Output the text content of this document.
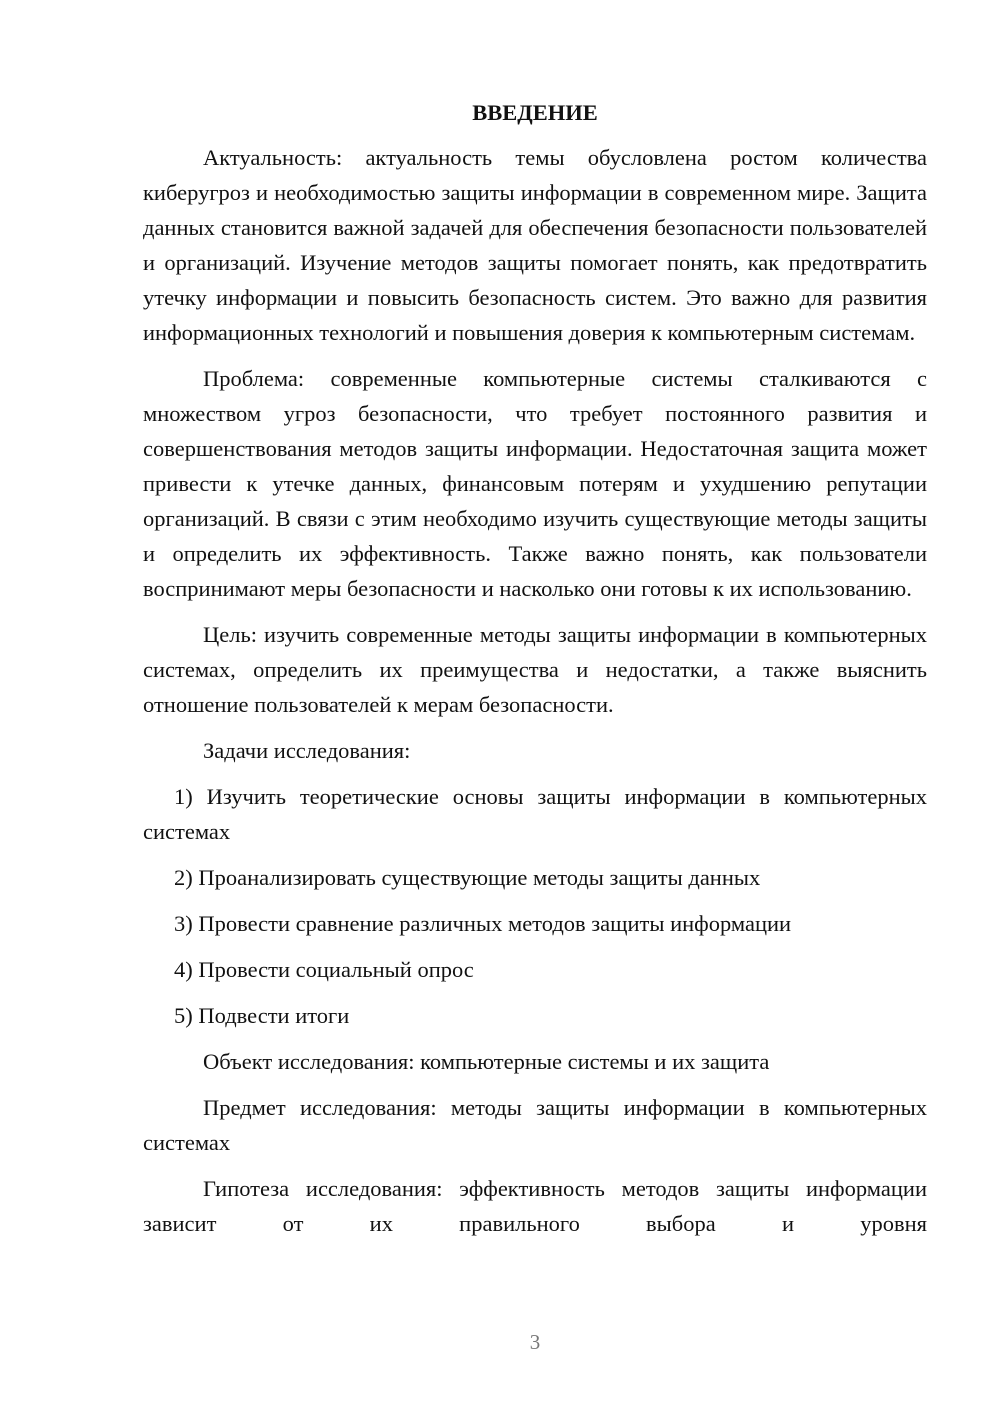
ВВЕДЕНИЕ
Актуальность: актуальность темы обусловлена ростом количества киберугроз и необходимостью защиты информации в современном мире. Защита данных становится важной задачей для обеспечения безопасности пользователей и организаций. Изучение методов защиты помогает понять, как предотвратить утечку информации и повысить безопасность систем. Это важно для развития информационных технологий и повышения доверия к компьютерным системам.
Проблема: современные компьютерные системы сталкиваются с множеством угроз безопасности, что требует постоянного развития и совершенствования методов защиты информации. Недостаточная защита может привести к утечке данных, финансовым потерям и ухудшению репутации организаций. В связи с этим необходимо изучить существующие методы защиты и определить их эффективность. Также важно понять, как пользователи воспринимают меры безопасности и насколько они готовы к их использованию.
Цель: изучить современные методы защиты информации в компьютерных системах, определить их преимущества и недостатки, а также выяснить отношение пользователей к мерам безопасности.
Задачи исследования:
1) Изучить теоретические основы защиты информации в компьютерных системах
2) Проанализировать существующие методы защиты данных
3) Провести сравнение различных методов защиты информации
4) Провести социальный опрос
5) Подвести итоги
Объект исследования: компьютерные системы и их защита
Предмет исследования: методы защиты информации в компьютерных системах
Гипотеза исследования: эффективность методов защиты информации зависит от их правильного выбора и уровня
3
